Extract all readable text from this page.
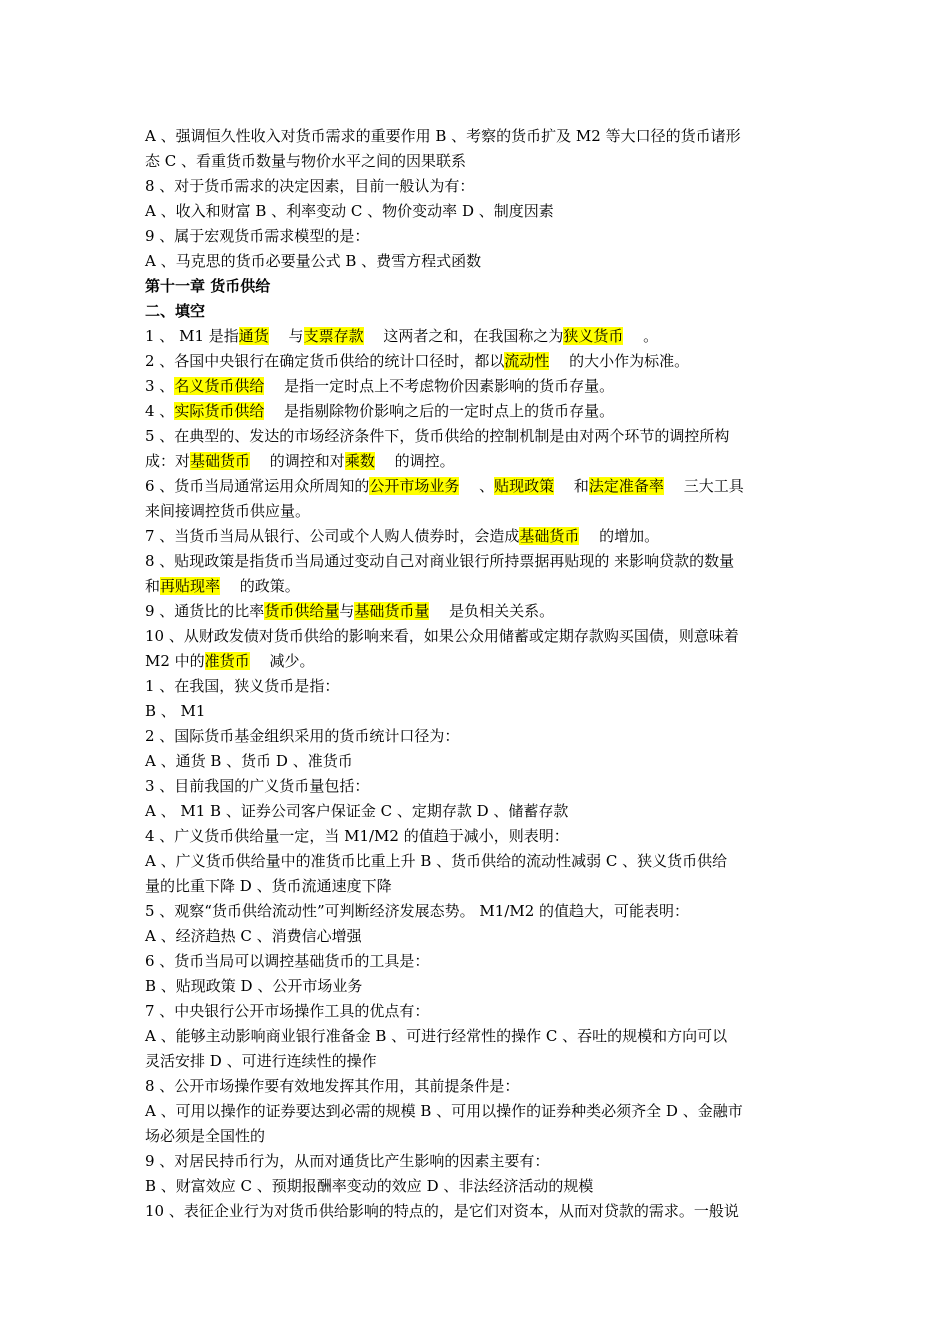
A 、强调恒久性收入对货币需求的重要作用 B 、考察的货币扩及 M2 等大口径的货币诸形
态 C 、看重货币数量与物价水平之间的因果联系
8 、对于货币需求的决定因素，目前一般认为有：
A 、收入和财富 B 、利率变动 C 、物价变动率 D 、制度因素
9 、属于宏观货币需求模型的是：
A 、马克思的货币必要量公式 B 、费雪方程式函数
第十一章 货币供给
二、填空
1 、 M1 是指通货　 与支票存款　 这两者之和，在我国称之为狭义货币　 。
2 、各国中央银行在确定货币供给的统计口径时，都以流动性　 的大小作为标准。
3 、名义货币供给　 是指一定时点上不考虑物价因素影响的货币存量。
4 、实际货币供给　 是指剔除物价影响之后的一定时点上的货币存量。
5 、在典型的、发达的市场经济条件下，货币供给的控制机制是由对两个环节的调控所构
成：对基础货币　 的调控和对乘数　 的调控。
6 、货币当局通常运用众所周知的公开市场业务　 、贴现政策　 和法定准备率　 三大工具
来间接调控货币供应量。
7 、当货币当局从银行、公司或个人购人债券时，会造成基础货币　 的增加。
8 、贴现政策是指货币当局通过变动自己对商业银行所持票据再贴现的 来影响贷款的数量
和再贴现率　 的政策。
9 、通货比的比率货币供给量与基础货币量　 是负相关关系。
10 、从财政发债对货币供给的影响来看，如果公众用储蓄或定期存款购买国债，则意味着
M2 中的准货币　 减少。
1 、在我国，狭义货币是指：
B 、 M1
2 、国际货币基金组织采用的货币统计口径为：
A 、通货 B 、货币 D 、准货币
3 、目前我国的广义货币量包括：
A 、 M1 B 、证券公司客户保证金 C 、定期存款 D 、储蓄存款
4 、广义货币供给量一定，当 M1/M2 的值趋于减小，则表明：
A 、广义货币供给量中的准货币比重上升 B 、货币供给的流动性减弱 C 、狭义货币供给
量的比重下降 D 、货币流通速度下降
5 、观察“货币供给流动性”可判断经济发展态势。 M1/M2 的值趋大，可能表明：
A 、经济趋热 C 、消费信心增强
6 、货币当局可以调控基础货币的工具是：
B 、贴现政策 D 、公开市场业务
7 、中央银行公开市场操作工具的优点有：
A 、能够主动影响商业银行准备金 B 、可进行经常性的操作 C 、吞吐的规模和方向可以
灵活安排 D 、可进行连续性的操作
8 、公开市场操作要有效地发挥其作用，其前提条件是：
A 、可用以操作的证券要达到必需的规模 B 、可用以操作的证券种类必须齐全 D 、金融市
场必须是全国性的
9 、对居民持币行为，从而对通货比产生影响的因素主要有：
B 、财富效应 C 、预期报酬率变动的效应 D 、非法经济活动的规模
10 、表征企业行为对货币供给影响的特点的，是它们对资本，从而对贷款的需求。一般说
